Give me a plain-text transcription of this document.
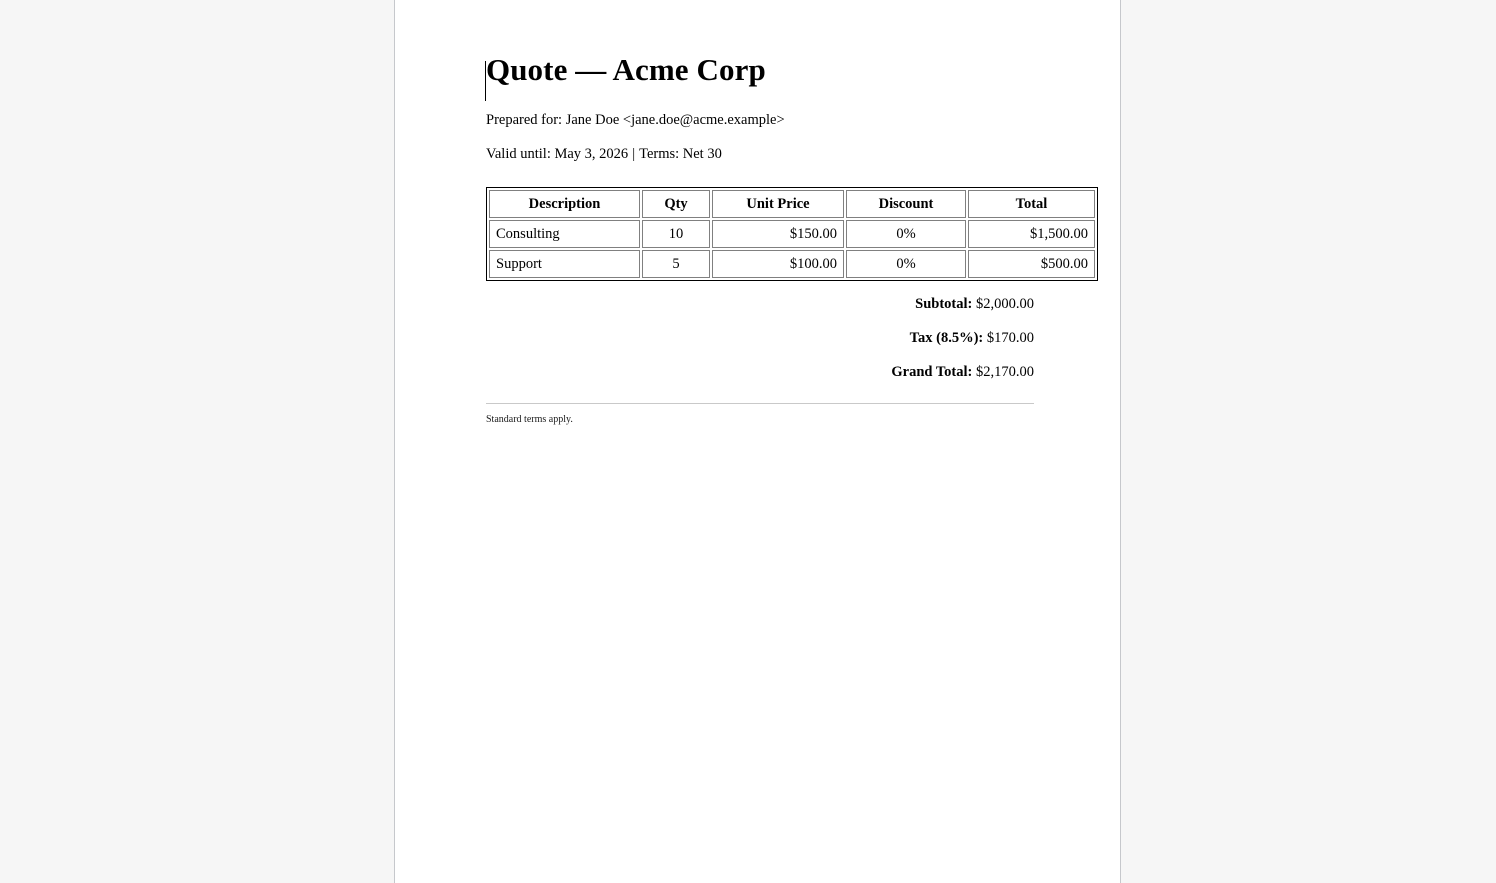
Quote — Acme Corp

Prepared for: Jane Doe <jane.doe@acme.example>

Valid until: May 3, 2026 | Terms: Net 30

Description	Qty	Unit Price	Discount	Total
Consulting	10	$150.00	0%	$1,500.00
Support	5	$100.00	0%	$500.00
Subtotal: $2,000.00
Tax (8.5%): $170.00
Grand Total: $2,170.00

Standard terms apply.
